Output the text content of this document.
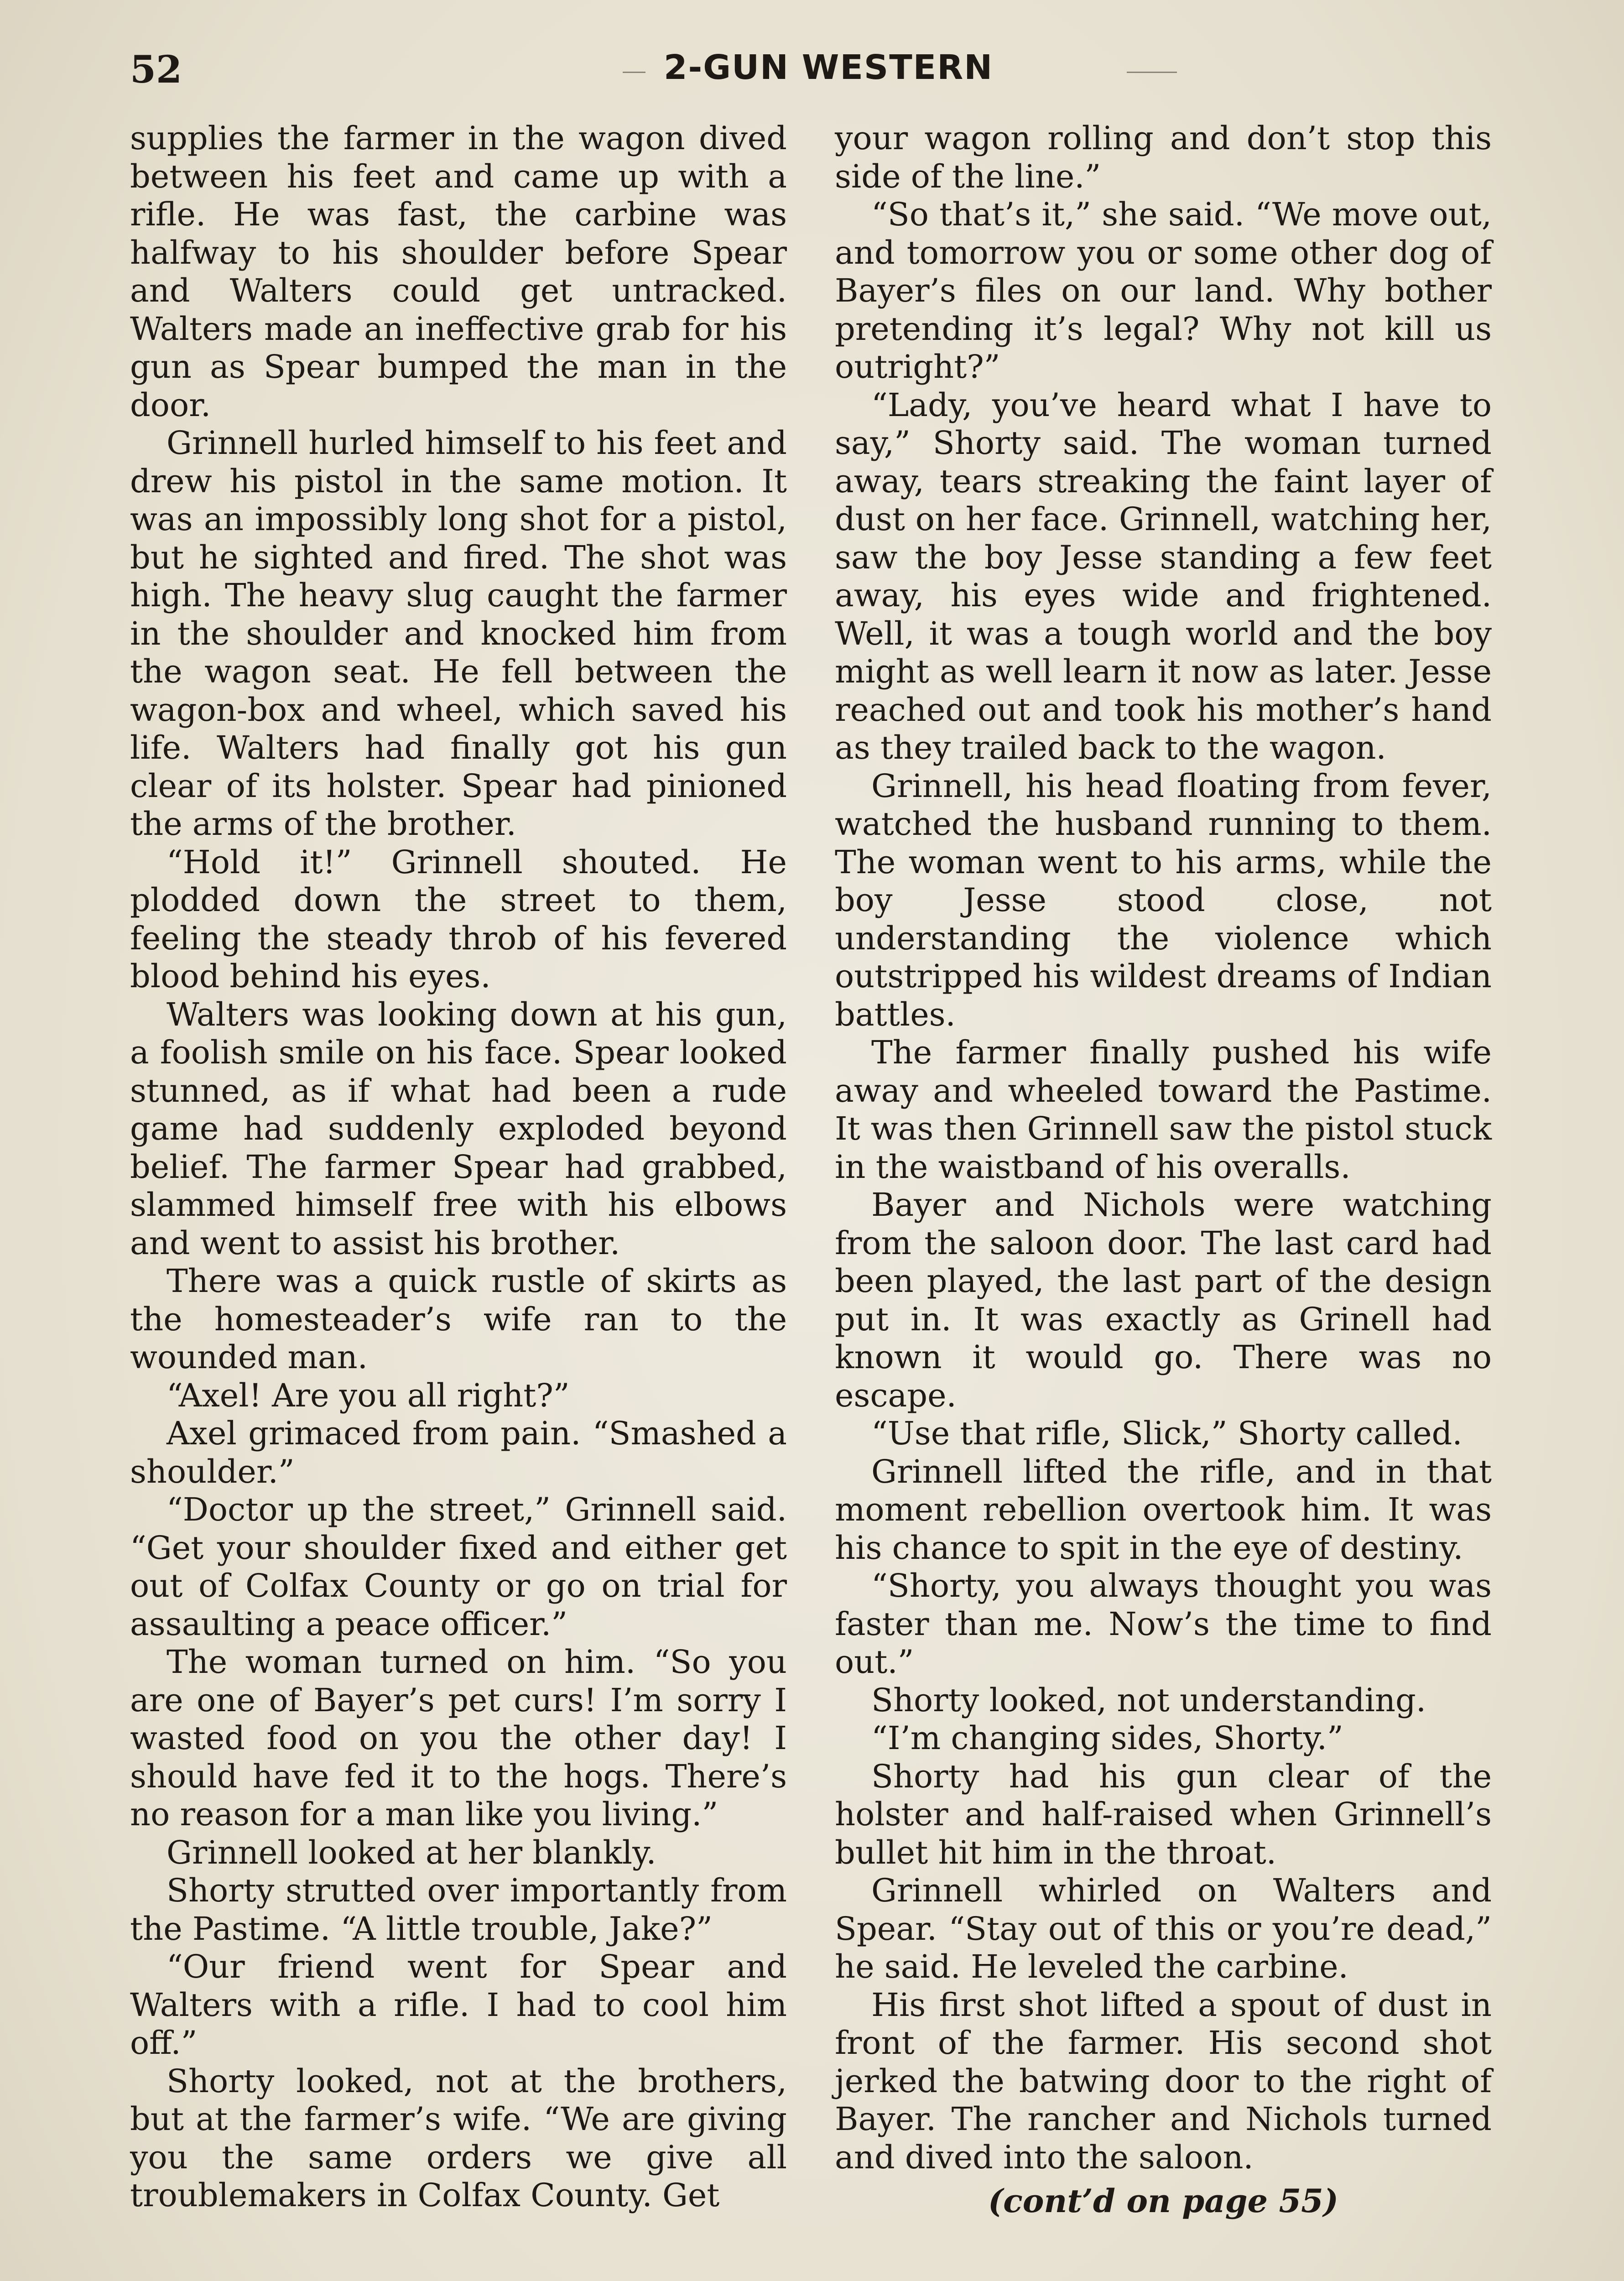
52	2-GUN WESTERN

supplies the farmer in the wagon dived between his feet and came up with a rifle. He was fast, the carbine was halfway to his shoulder before Spear and Walters could get untracked. Walters made an ineffective grab for his gun as Spear bumped the man in the door.

Grinnell hurled himself to his feet and drew his pistol in the same motion. It was an impossibly long shot for a pistol, but he sighted and fired. The shot was high. The heavy slug caught the farmer in the shoulder and knocked him from the wagon seat. He fell between the wagon-box and wheel, which saved his life. Walters had finally got his gun clear of its holster. Spear had pinioned the arms of the brother.

“Hold it!” Grinnell shouted. He plodded down the street to them, feeling the steady throb of his fevered blood behind his eyes.

Walters was looking down at his gun, a foolish smile on his face. Spear looked stunned, as if what had been a rude game had suddenly exploded beyond belief. The farmer Spear had grabbed, slammed himself free with his elbows and went to assist his brother.

There was a quick rustle of skirts as the homesteader’s wife ran to the wounded man.

“Axel! Are you all right?”

Axel grimaced from pain. “Smashed a shoulder.”

“Doctor up the street,” Grinnell said. “Get your shoulder fixed and either get out of Colfax County or go on trial for assaulting a peace officer.”

The woman turned on him. “So you are one of Bayer’s pet curs! I’m sorry I wasted food on you the other day! I should have fed it to the hogs. There’s no reason for a man like you living.”

Grinnell looked at her blankly.

Shorty strutted over importantly from the Pastime. “A little trouble, Jake?”

“Our friend went for Spear and Walters with a rifle. I had to cool him off.”

Shorty looked, not at the brothers, but at the farmer’s wife. “We are giving you the same orders we give all troublemakers in Colfax County. Get

your wagon rolling and don’t stop this side of the line.”

“So that’s it,” she said. “We move out, and tomorrow you or some other dog of Bayer’s files on our land. Why bother pretending it’s legal? Why not kill us outright?”

“Lady, you’ve heard what I have to say,” Shorty said. The woman turned away, tears streaking the faint layer of dust on her face. Grinnell, watching her, saw the boy Jesse standing a few feet away, his eyes wide and frightened. Well, it was a tough world and the boy might as well learn it now as later. Jesse reached out and took his mother’s hand as they trailed back to the wagon.

Grinnell, his head floating from fever, watched the husband running to them. The woman went to his arms, while the boy Jesse stood close, not understanding the violence which outstripped his wildest dreams of Indian battles.

The farmer finally pushed his wife away and wheeled toward the Pastime. It was then Grinnell saw the pistol stuck in the waistband of his overalls.

Bayer and Nichols were watching from the saloon door. The last card had been played, the last part of the design put in. It was exactly as Grinell had known it would go. There was no escape.

“Use that rifle, Slick,” Shorty called.

Grinnell lifted the rifle, and in that moment rebellion overtook him. It was his chance to spit in the eye of destiny.

“Shorty, you always thought you was faster than me. Now’s the time to find out.”

Shorty looked, not understanding.

“I’m changing sides, Shorty.”

Shorty had his gun clear of the holster and half-raised when Grinnell’s bullet hit him in the throat.

Grinnell whirled on Walters and Spear. “Stay out of this or you’re dead,” he said. He leveled the carbine.

His first shot lifted a spout of dust in front of the farmer. His second shot jerked the batwing door to the right of Bayer. The rancher and Nichols turned and dived into the saloon.

(cont’d on page 55)
